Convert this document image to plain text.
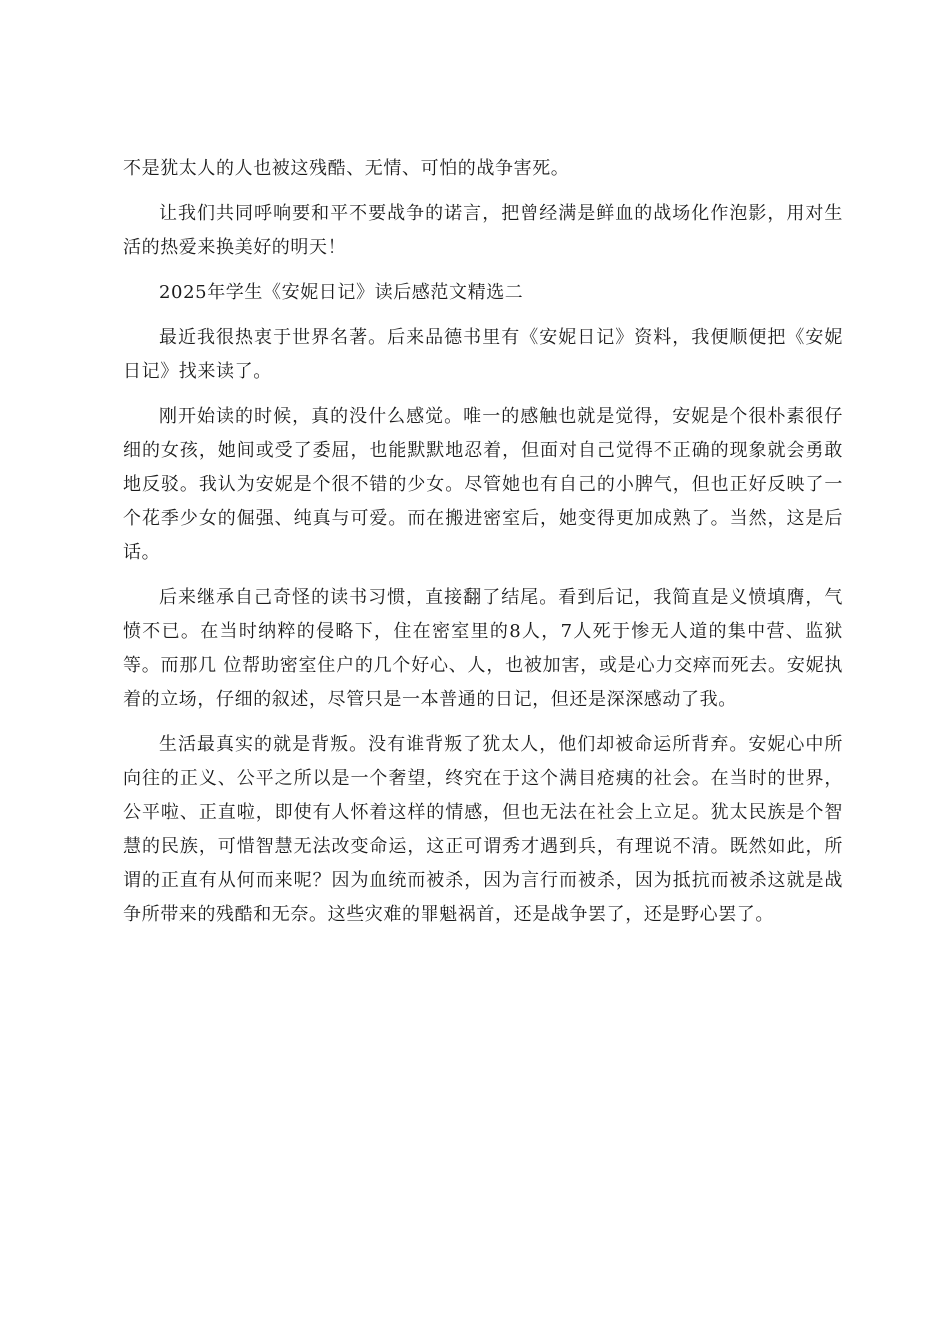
不是犹太人的人也被这残酷、无情、可怕的战争害死。

让我们共同呼响要和平不要战争的诺言，把曾经满是鲜血的战场化作泡影，用对生活的热爱来换美好的明天！

2025年学生《安妮日记》读后感范文精选二

最近我很热衷于世界名著。后来品德书里有《安妮日记》资料，我便顺便把《安妮日记》找来读了。

刚开始读的时候，真的没什么感觉。唯一的感触也就是觉得，安妮是个很朴素很仔细的女孩，她间或受了委屈，也能默默地忍着，但面对自己觉得不正确的现象就会勇敢地反驳。我认为安妮是个很不错的少女。尽管她也有自己的小脾气，但也正好反映了一个花季少女的倔强、纯真与可爱。而在搬进密室后，她变得更加成熟了。当然，这是后话。

后来继承自己奇怪的读书习惯，直接翻了结尾。看到后记，我简直是义愤填膺，气愤不已。在当时纳粹的侵略下，住在密室里的8人，7人死于惨无人道的集中营、监狱等。而那几 位帮助密室住户的几个好心、人，也被加害，或是心力交瘁而死去。安妮执着的立场，仔细的叙述，尽管只是一本普通的日记，但还是深深感动了我。

生活最真实的就是背叛。没有谁背叛了犹太人，他们却被命运所背弃。安妮心中所向往的正义、公平之所以是一个奢望，终究在于这个满目疮痍的社会。在当时的世界，公平啦、正直啦，即使有人怀着这样的情感，但也无法在社会上立足。犹太民族是个智慧的民族，可惜智慧无法改变命运，这正可谓秀才遇到兵，有理说不清。既然如此，所谓的正直有从何而来呢？因为血统而被杀，因为言行而被杀，因为抵抗而被杀这就是战争所带来的残酷和无奈。这些灾难的罪魁祸首，还是战争罢了，还是野心罢了。
